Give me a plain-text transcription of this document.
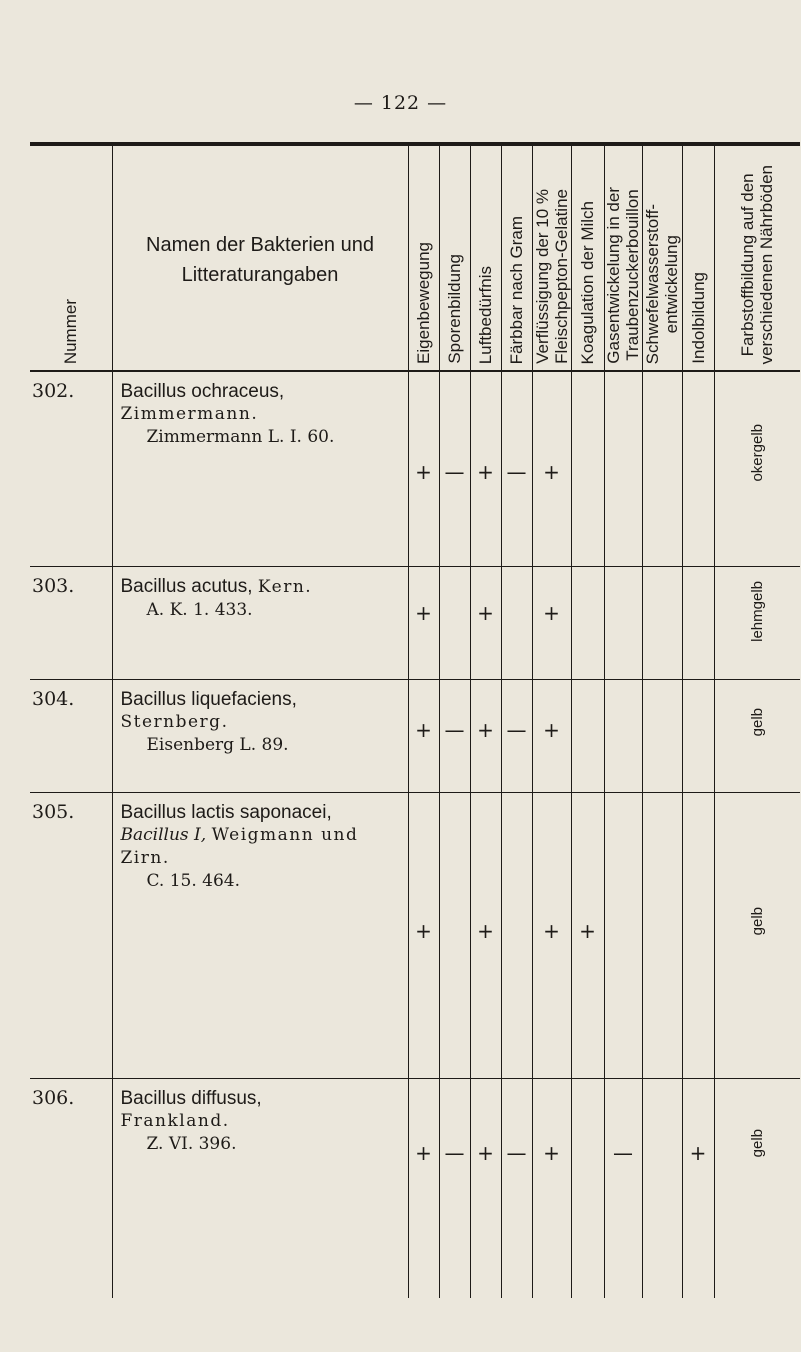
— 122 —
Nummer	Namen der Bakterien und Litteraturangaben	Eigenbewegung	Sporenbildung	Luftbedürfnis	Färbbar nach Gram	Verflüssigung der 10 %
Fleischpepton-Gelatine	Koagulation der Milch	Gasentwickelung in der
Traubenzuckerbouillon	Schwefelwasserstoff-
entwickelung	Indolbildung	Farbstoffbildung auf den
verschiedenen Nährböden

302.	Bacillus ochraceus,
Zimmermann.
Zimmermann L. I. 60.	+	—	+	—	+					okergelb

303.	Bacillus acutus, Kern.
A. K. 1. 433.	+		+		+					lehmgelb

304.	Bacillus liquefaciens,
Sternberg.
Eisenberg L. 89.	+	—	+	—	+					gelb

305.	Bacillus lactis saponacei,
Bacillus I, Weigmann und Zirn.
C. 15. 464.	+		+		+	+				gelb

306.	Bacillus diffusus,
Frankland.
Z. VI. 396.	+	—	+	—	+		—		+	gelb
